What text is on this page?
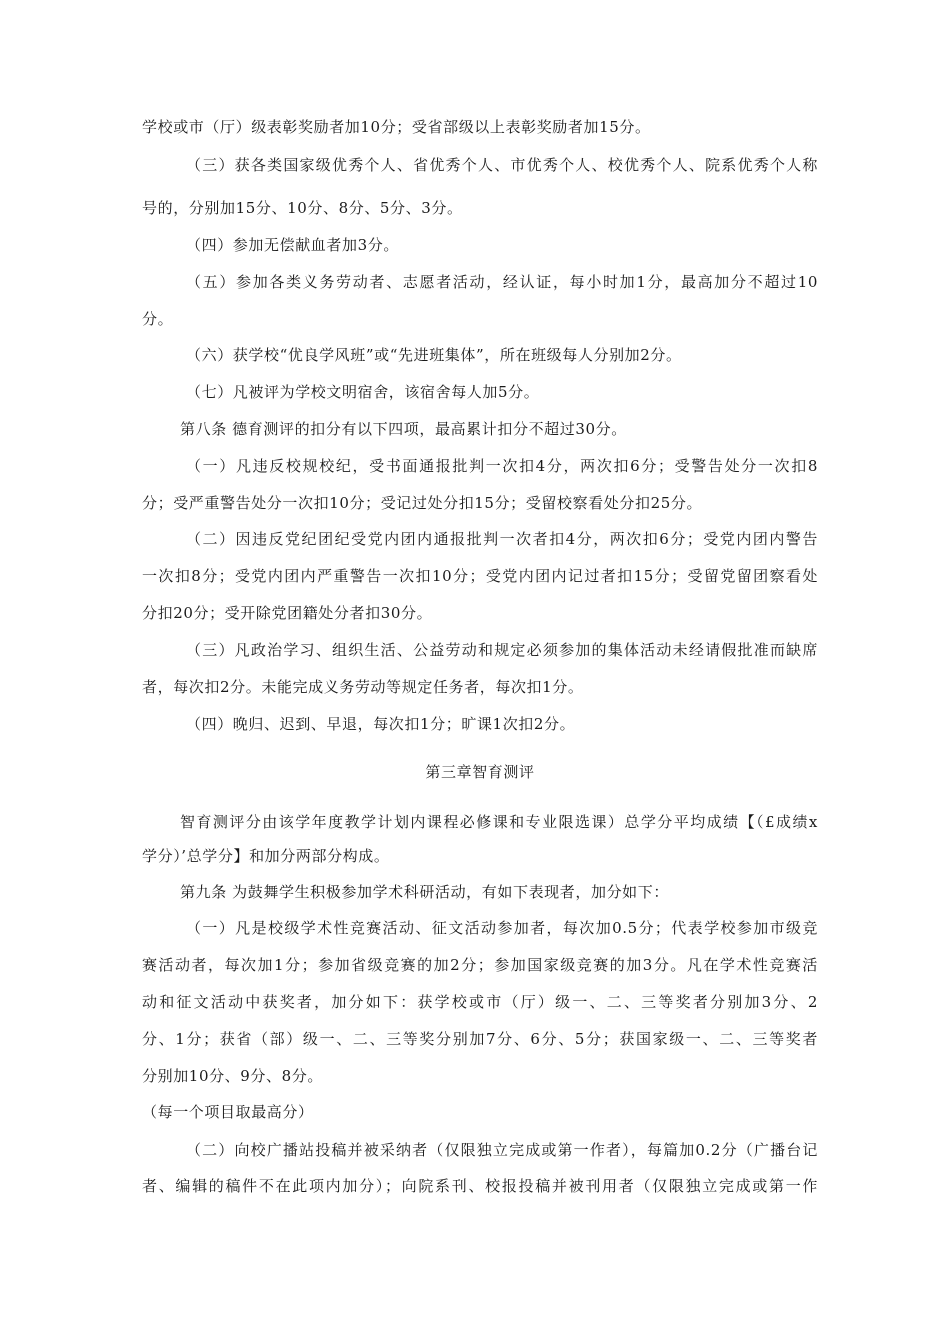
学校或市（厅）级表彰奖励者加10分；受省部级以上表彰奖励者加15分。
（三）获各类国家级优秀个人、省优秀个人、市优秀个人、校优秀个人、院系优秀个人称
号的，分别加15分、10分、8分、5分、3分。
（四）参加无偿献血者加3分。
（五）参加各类义务劳动者、志愿者活动，经认证，每小时加1分，最高加分不超过10
分。
（六）获学校“优良学风班”或“先进班集体”，所在班级每人分别加2分。
（七）凡被评为学校文明宿舍，该宿舍每人加5分。
第八条 德育测评的扣分有以下四项，最高累计扣分不超过30分。
（一）凡违反校规校纪，受书面通报批判一次扣4分，两次扣6分；受警告处分一次扣8
分；受严重警告处分一次扣10分；受记过处分扣15分；受留校察看处分扣25分。
（二）因违反党纪团纪受党内团内通报批判一次者扣4分，两次扣6分；受党内团内警告
一次扣8分；受党内团内严重警告一次扣10分；受党内团内记过者扣15分；受留党留团察看处
分扣20分；受开除党团籍处分者扣30分。
（三）凡政治学习、组织生活、公益劳动和规定必须参加的集体活动未经请假批准而缺席
者，每次扣2分。未能完成义务劳动等规定任务者，每次扣1分。
（四）晚归、迟到、早退，每次扣1分；旷课1次扣2分。
第三章智育测评
智育测评分由该学年度教学计划内课程必修课和专业限选课）总学分平均成绩【（£成绩x
学分）’总学分】和加分两部分构成。
第九条 为鼓舞学生积极参加学术科研活动，有如下表现者，加分如下：
（一）凡是校级学术性竞赛活动、征文活动参加者，每次加0.5分；代表学校参加市级竞
赛活动者，每次加1分；参加省级竞赛的加2分；参加国家级竞赛的加3分。凡在学术性竞赛活
动和征文活动中获奖者，加分如下：获学校或市（厅）级一、二、三等奖者分别加3分、2
分、1分；获省（部）级一、二、三等奖分别加7分、6分、5分；获国家级一、二、三等奖者
分别加10分、9分、8分。
（每一个项目取最高分）
（二）向校广播站投稿并被采纳者（仅限独立完成或第一作者），每篇加0.2分（广播台记
者、编辑的稿件不在此项内加分）；向院系刊、校报投稿并被刊用者（仅限独立完成或第一作
